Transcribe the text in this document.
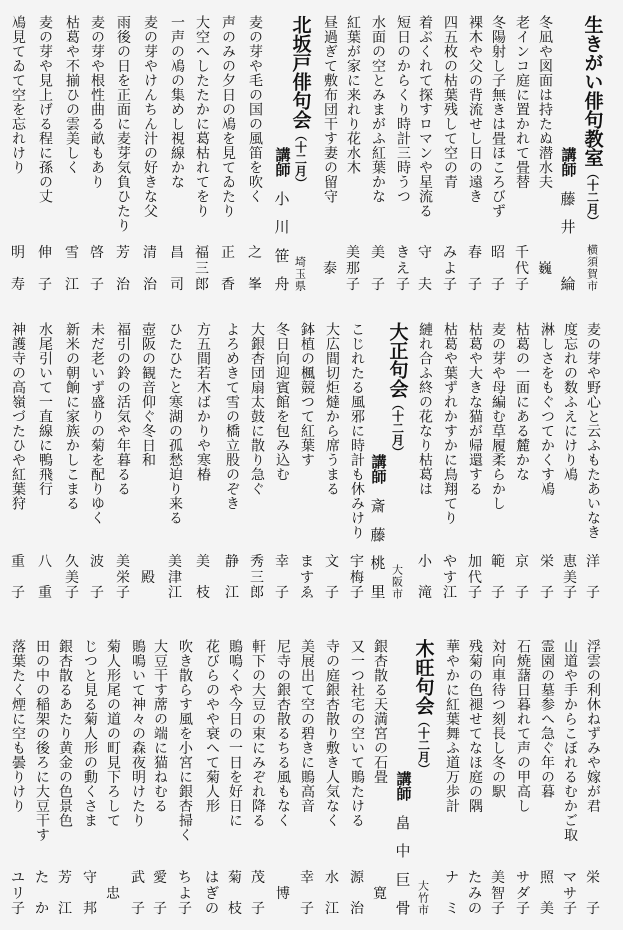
生きがい俳句教室（十二月）
横須賀市
講師
藤
井
綸
冬凪や図面は持たぬ潜水夫
巍
老インコ庭に置かれて畳替
千
代
子
冬陽射し子無きは畳ほころびず
昭
子
裸木や父の背流せし日の遠き
春
子
四五枚の枯葉残して空の青
み
よ
子
着ぶくれて探すロマンや星流る
守
夫
短日のからくり時計三時うつ
き
え
子
水面の空とみまがふ紅葉かな
美
子
紅葉が家に来れり花水木
美
那
子
昼過ぎて敷布団干す妻の留守
泰
北坂戸俳句会（十二月）
埼玉県
講師
小
川
笹
舟
麦の芽や毛の国の風笛を吹く
之
峯
声のみの夕日の鳰を見てゐたり
正
香
大空へしたたかに葛枯れてをり
福
三
郎
一声の鳰の集めし視線かな
昌
司
麦の芽やけんちん汁の好きな父
清
治
雨後の日を正面に麦芽気負ひたり
芳
治
麦の芽や根性曲る畝もあり
啓
子
枯葛や不揃ひの雲美しく
雪
江
麦の芽や見上げる程に孫の丈
伸
子
鳰見てゐて空を忘れけり
明
寿
麦の芽や野心と云ふもたあいなき
洋
子
度忘れの数ふえにけり鳰
恵
美
子
淋しさをもぐつてかくす鳰
栄
子
枯葛の一面にある麓かな
京
子
麦の芽や母編む草履柔らかし
範
子
枯葛や大きな猫が帰還する
加
代
子
枯葛や葉ずれかすかに鳥翔てり
や
す
江
縺れ合ふ終の花なり枯葛は
小
滝
大正句会（十二月）
大阪市
講師
斎
藤
桃
里
こじれたる風邪に時計も休みけり
宇
梅
子
大広間切炬燵から席うまる
文
子
鉢植の楓競つて紅葉す
ま
す
ゑ
冬日向迎賓館を包み込む
幸
子
大銀杏団扇太鼓に散り急ぐ
秀
三
郎
よろめきて雪の橋立股のぞき
静
江
方五間若木ばかりや寒椿
美
枝
ひたひたと寒湖の孤愁迫り来る
美
津
江
壺阪の観音仰ぐ冬日和
殿
福引の鈴の活気や年暮るる
美
栄
子
未だ老いず盛りの菊を配りゆく
波
子
新米の朝餉に家族かしこまる
久
美
子
水尾引いて一直線に鴨飛行
八
重
神護寺の高嶺づたひや紅葉狩
重
子
浮雲の利休ねずみや嫁が君
栄
子
山道や手からこぼれるむかご取
マ
サ
子
霊園の墓参へ急ぐ年の暮
照
美
石焼藷日暮れて声の甲高し
サ
ダ
子
対向車待つ刻長し冬の駅
美
智
子
残菊の色褪せてなほ庭の隅
た
み
の
華やかに紅葉舞ふ道万歩計
ナ
ミ
木旺句会（十二月）
大竹市
講師
畠
中
巨
骨
銀杏散る天満宮の石畳
寛
又一つ社宅の空いて鵙たける
源
治
寺の庭銀杏散り敷き人気なく
水
江
美展出て空の碧きに鵙高音
幸
子
尼寺の銀杏散るちる風もなく
博
軒下の大豆の束にみぞれ降る
茂
子
鵙鳴くや今日の一日を好日に
菊
枝
花びらのやや衰へて菊人形
は
ぎ
の
吹き散らす風を小宮に銀杏掃く
ち
よ
子
大豆干す蓆の端に猫ねむる
愛
子
鵙鳴いて神々の森夜明けたり
武
子
菊人形尾の道の町見下ろして
忠
じつと見る菊人形の動くさま
守
邦
銀杏散るあたり黄金の色景色
芳
江
田の中の稲架の後ろに大豆干す
た
か
落葉たく煙に空も曇りけり
ユ
リ
子
